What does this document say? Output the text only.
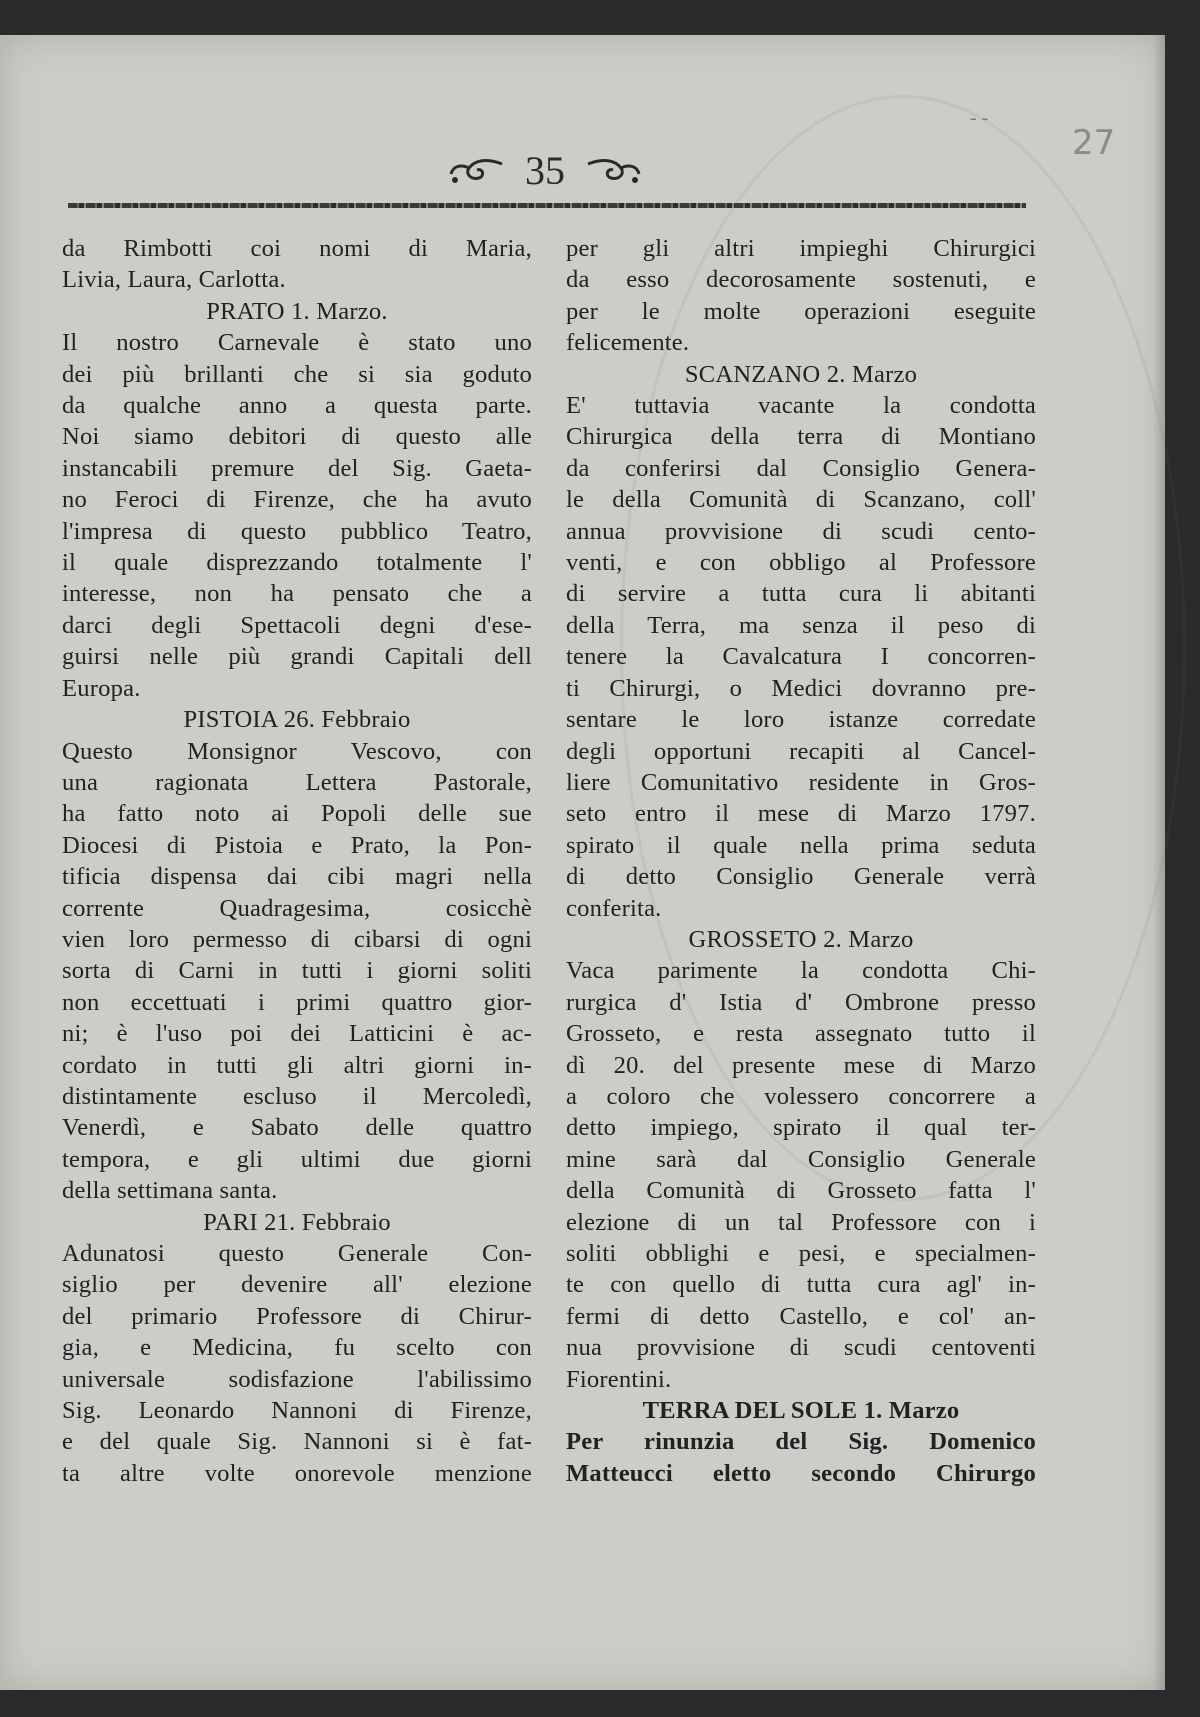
- -
27
35
da Rimbotti coi nomi di Maria,
Livia, Laura, Carlotta.
PRATO 1. Marzo.
Il nostro Carnevale è stato uno
dei più brillanti che si sia goduto
da qualche anno a questa parte.
Noi siamo debitori di questo alle
instancabili premure del Sig. Gaeta-
no Feroci di Firenze, che ha avuto
l'impresa di questo pubblico Teatro,
il quale disprezzando totalmente l'
interesse, non ha pensato che a
darci degli Spettacoli degni d'ese-
guirsi nelle più grandi Capitali dell
Europa.
PISTOIA 26. Febbraio
Questo Monsignor Vescovo, con
una ragionata Lettera Pastorale,
ha fatto noto ai Popoli delle sue
Diocesi di Pistoia e Prato, la Pon-
tificia dispensa dai cibi magri nella
corrente Quadragesima, cosicchè
vien loro permesso di cibarsi di ogni
sorta di Carni in tutti i giorni soliti
non eccettuati i primi quattro gior-
ni; è l'uso poi dei Latticini è ac-
cordato in tutti gli altri giorni in-
distintamente escluso il Mercoledì,
Venerdì, e Sabato delle quattro
tempora, e gli ultimi due giorni
della settimana santa.
PARI 21. Febbraio
Adunatosi questo Generale Con-
siglio per devenire all' elezione
del primario Professore di Chirur-
gia, e Medicina, fu scelto con
universale sodisfazione l'abilissimo
Sig. Leonardo Nannoni di Firenze,
e del quale Sig. Nannoni si è fat-
ta altre volte onorevole menzione
per gli altri impieghi Chirurgici
da esso decorosamente sostenuti, e
per le molte operazioni eseguite
felicemente.
SCANZANO 2. Marzo
E' tuttavia vacante la condotta
Chirurgica della terra di Montiano
da conferirsi dal Consiglio Genera-
le della Comunità di Scanzano, coll'
annua provvisione di scudi cento-
venti, e con obbligo al Professore
di servire a tutta cura li abitanti
della Terra, ma senza il peso di
tenere la Cavalcatura I concorren-
ti Chirurgi, o Medici dovranno pre-
sentare le loro istanze corredate
degli opportuni recapiti al Cancel-
liere Comunitativo residente in Gros-
seto entro il mese di Marzo 1797.
spirato il quale nella prima seduta
di detto Consiglio Generale verrà
conferita.
GROSSETO 2. Marzo
Vaca parimente la condotta Chi-
rurgica d' Istia d' Ombrone presso
Grosseto, e resta assegnato tutto il
dì 20. del presente mese di Marzo
a coloro che volessero concorrere a
detto impiego, spirato il qual ter-
mine sarà dal Consiglio Generale
della Comunità di Grosseto fatta l'
elezione di un tal Professore con i
soliti obblighi e pesi, e specialmen-
te con quello di tutta cura agl' in-
fermi di detto Castello, e col' an-
nua provvisione di scudi centoventi
Fiorentini.
TERRA DEL SOLE 1. Marzo
Per rinunzia del Sig. Domenico
Matteucci eletto secondo Chirurgo
